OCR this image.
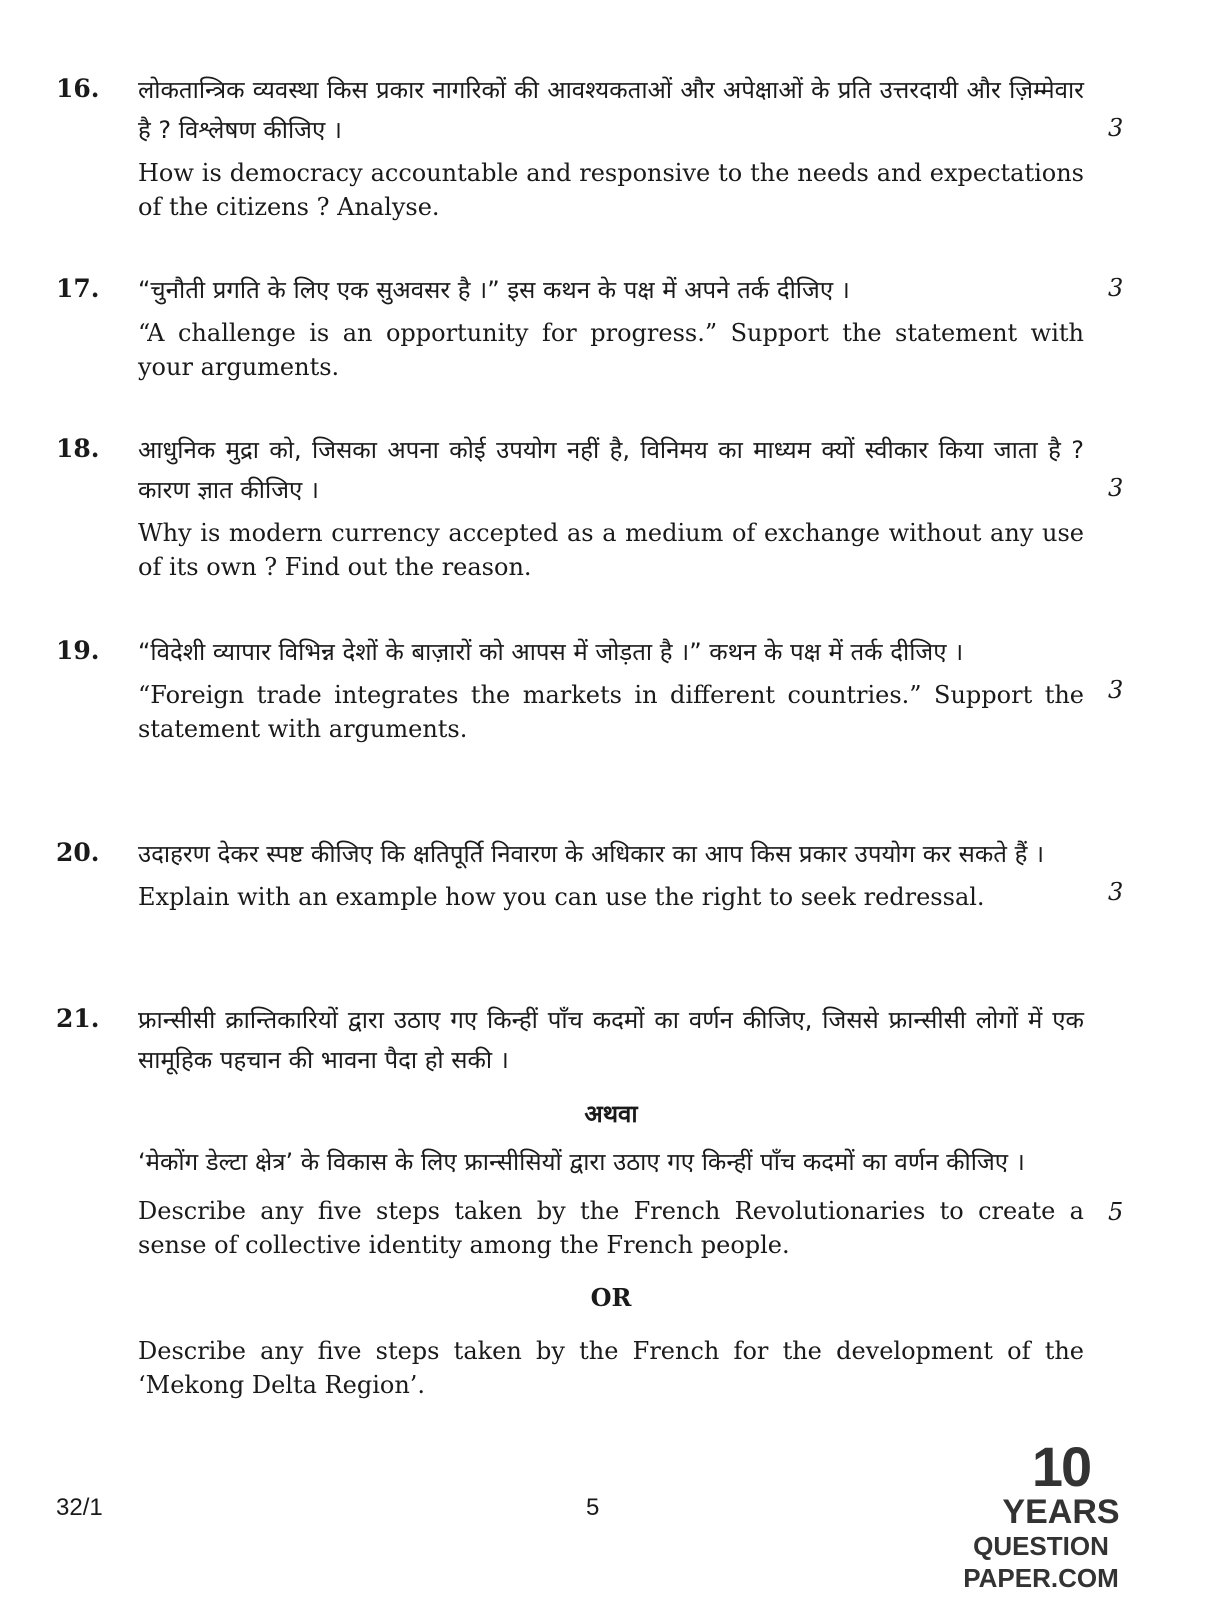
16. लोकतान्त्रिक व्यवस्था किस प्रकार नागरिकों की आवश्यकताओं और अपेक्षाओं के प्रति उत्तरदायी और ज़िम्मेवार है ? विश्लेषण कीजिए ।

How is democracy accountable and responsive to the needs and expectations of the citizens ? Analyse.

3
17. “चुनौती प्रगति के लिए एक सुअवसर है ।” इस कथन के पक्ष में अपने तर्क दीजिए ।

“A challenge is an opportunity for progress.” Support the statement with your arguments.

3
18. आधुनिक मुद्रा को, जिसका अपना कोई उपयोग नहीं है, विनिमय का माध्यम क्यों स्वीकार किया जाता है ? कारण ज्ञात कीजिए ।

Why is modern currency accepted as a medium of exchange without any use of its own ? Find out the reason.

3
19. “विदेशी व्यापार विभिन्न देशों के बाज़ारों को आपस में जोड़ता है ।” कथन के पक्ष में तर्क दीजिए ।

“Foreign trade integrates the markets in different countries.” Support the statement with arguments.

3
20. उदाहरण देकर स्पष्ट कीजिए कि क्षतिपूर्ति निवारण के अधिकार का आप किस प्रकार उपयोग कर सकते हैं ।

Explain with an example how you can use the right to seek redressal.	3
21. फ्रान्सीसी क्रान्तिकारियों द्वारा उठाए गए किन्हीं पाँच कदमों का वर्णन कीजिए, जिससे फ्रान्सीसी लोगों में एक सामूहिक पहचान की भावना पैदा हो सकी ।

अथवा

‘मेकोंग डेल्टा क्षेत्र’ के विकास के लिए फ्रान्सीसियों द्वारा उठाए गए किन्हीं पाँच कदमों का वर्णन कीजिए ।

Describe any five steps taken by the French Revolutionaries to create a sense of collective identity among the French people.

OR

Describe any five steps taken by the French for the development of the ‘Mekong Delta Region’.

5
32/1	5
10
YEARS
QUESTION PAPER.COM
